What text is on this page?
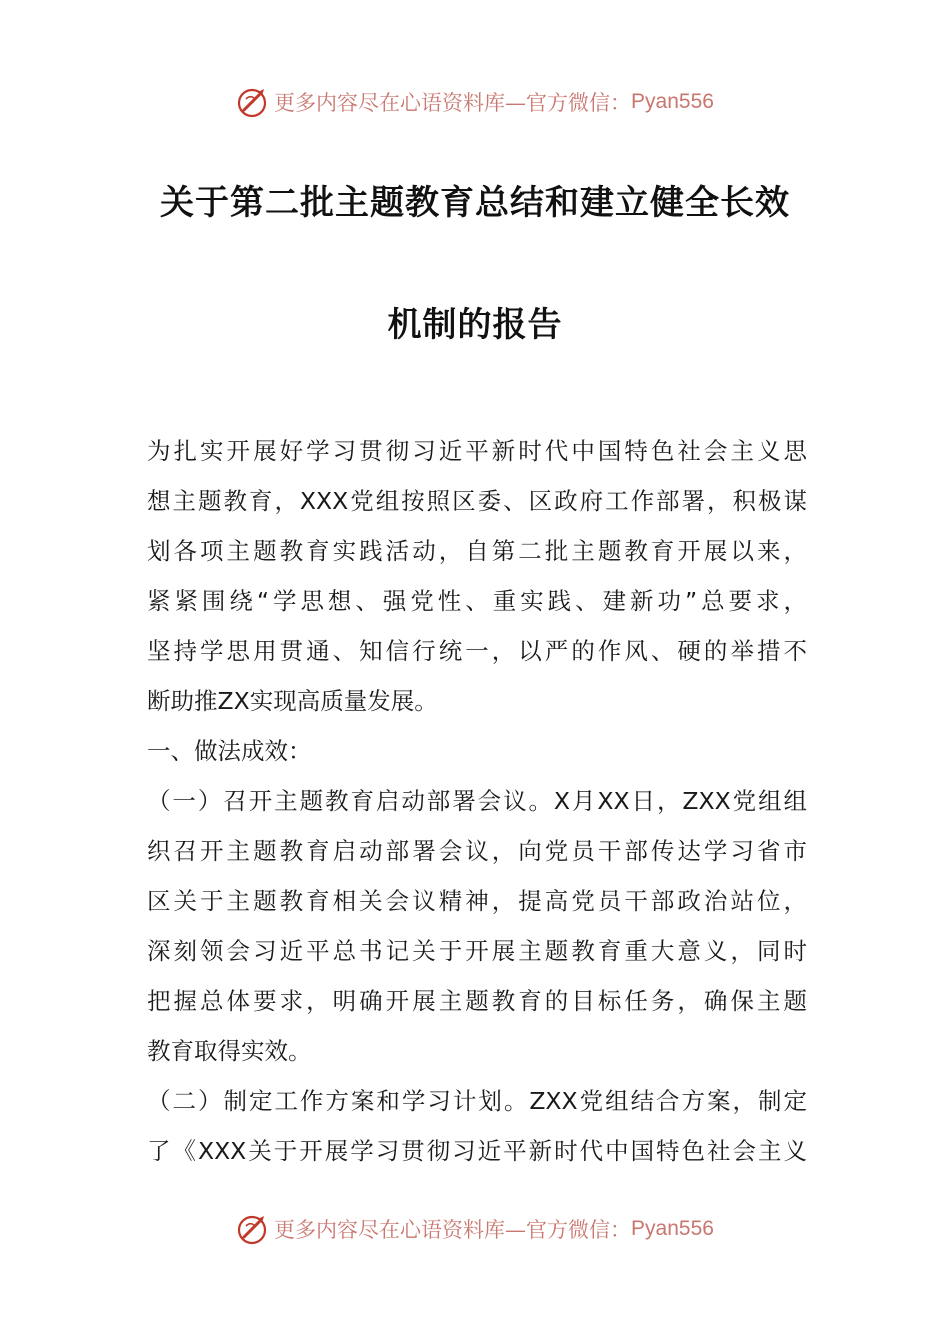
更多内容尽在心语资料库—官方微信： Pyan556
关于第二批主题教育总结和建立健全长效
机制的报告
为扎实开展好学习贯彻习近平新时代中国特色社会主义思
想主题教育，XXX党组按照区委、区政府工作部署，积极谋
划各项主题教育实践活动，自第二批主题教育开展以来，
紧紧围绕“学思想、强党性、重实践、建新功”总要求，
坚持学思用贯通、知信行统一，以严的作风、硬的举措不
断助推ZX实现高质量发展。
一、做法成效：
（一）召开主题教育启动部署会议。X月XX日，ZXX党组组
织召开主题教育启动部署会议，向党员干部传达学习省市
区关于主题教育相关会议精神，提高党员干部政治站位，
深刻领会习近平总书记关于开展主题教育重大意义，同时
把握总体要求，明确开展主题教育的目标任务，确保主题
教育取得实效。
（二）制定工作方案和学习计划。ZXX党组结合方案，制定
了《XXX关于开展学习贯彻习近平新时代中国特色社会主义
更多内容尽在心语资料库—官方微信： Pyan556
